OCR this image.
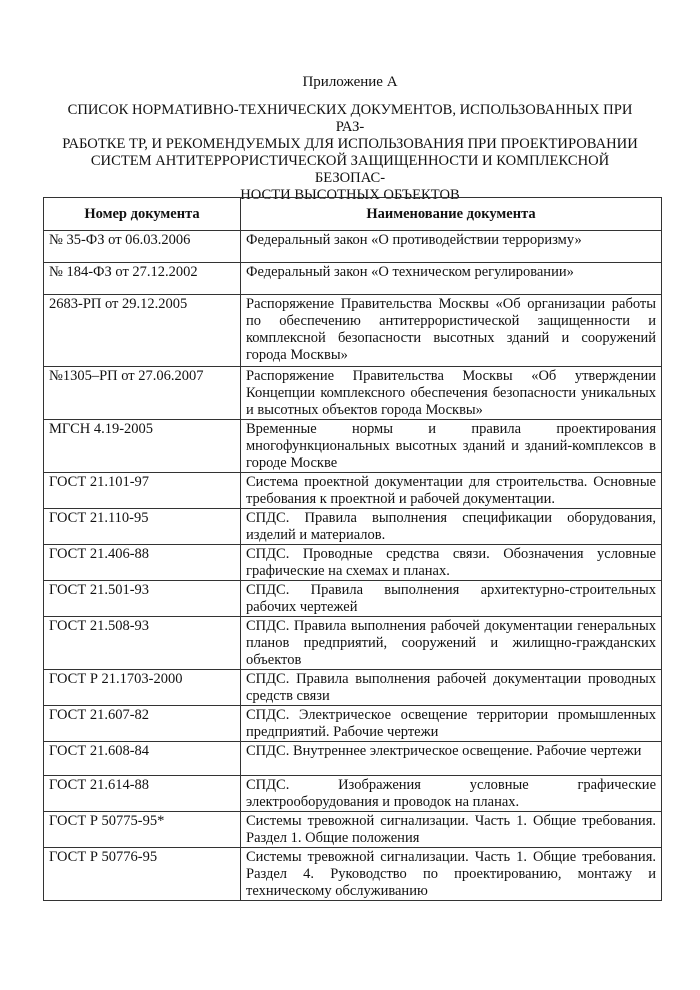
Приложение А
СПИСОК НОРМАТИВНО-ТЕХНИЧЕСКИХ ДОКУМЕНТОВ, ИСПОЛЬЗОВАННЫХ ПРИ РАЗ-
РАБОТКЕ ТР, И РЕКОМЕНДУЕМЫХ ДЛЯ ИСПОЛЬЗОВАНИЯ ПРИ ПРОЕКТИРОВАНИИ
СИСТЕМ АНТИТЕРРОРИСТИЧЕСКОЙ ЗАЩИЩЕННОСТИ И КОМПЛЕКСНОЙ БЕЗОПАС-
НОСТИ ВЫСОТНЫХ ОБЪЕКТОВ
Номер документа	Наименование документа
№ 35-ФЗ от 06.03.2006	Федеральный закон «О противодействии терроризму»
№ 184-ФЗ от 27.12.2002	Федеральный закон «О техническом регулировании»
2683-РП от 29.12.2005	Распоряжение Правительства Москвы «Об организации работы по обеспечению антитеррористической защищенности и комплексной безопасности высотных зданий и сооружений города Москвы»
№1305–РП от 27.06.2007	Распоряжение Правительства Москвы «Об утверждении Концепции комплексного обеспечения безопасности уникальных и высотных объектов города Москвы»
МГСН 4.19-2005	Временные нормы и правила проектирования многофункциональных высотных зданий и зданий-комплексов в городе Москве
ГОСТ 21.101-97	Система проектной документации для строительства. Основные требования к проектной и рабочей документации.
ГОСТ 21.110-95	СПДС. Правила выполнения спецификации оборудования, изделий и материалов.
ГОСТ 21.406-88	СПДС. Проводные средства связи. Обозначения условные графические на схемах и планах.
ГОСТ 21.501-93	СПДС. Правила выполнения архитектурно-строительных рабочих чертежей
ГОСТ 21.508-93	СПДС. Правила выполнения рабочей документации генеральных планов предприятий, сооружений и жилищно-гражданских объектов
ГОСТ Р 21.1703-2000	СПДС. Правила выполнения рабочей документации проводных средств связи
ГОСТ 21.607-82	СПДС. Электрическое освещение территории промышленных предприятий. Рабочие чертежи
ГОСТ 21.608-84	СПДС. Внутреннее электрическое освещение. Рабочие чертежи
ГОСТ 21.614-88	СПДС. Изображения условные графические электрооборудования и проводок на планах.
ГОСТ Р 50775-95*	Системы тревожной сигнализации. Часть 1. Общие требования. Раздел 1. Общие положения
ГОСТ Р 50776-95	Системы тревожной сигнализации. Часть 1. Общие требования. Раздел 4. Руководство по проектированию, монтажу и техническому обслуживанию
